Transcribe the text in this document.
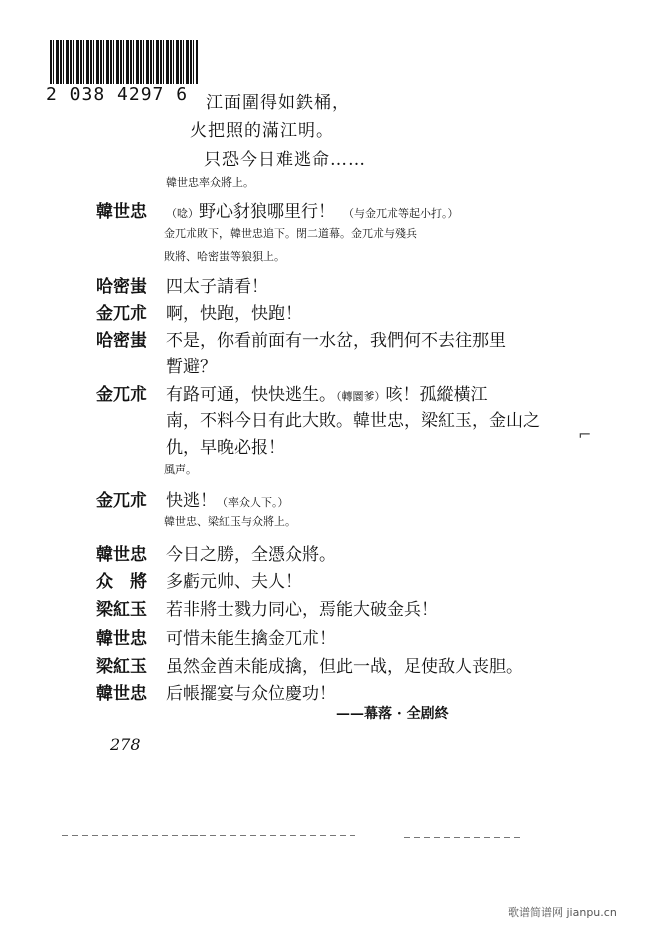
2 038 4297 6 江面圍得如鉄桶，
火把照的滿江明。
只恐今日难逃命……
韓世忠率众將上。
韓世忠 （唸）野心豺狼哪里行！ （与金兀朮等起小打。）
金兀朮敗下，韓世忠追下。閉二道幕。金兀朮与殘兵
敗將、哈密蚩等狼狽上。
哈密蚩 四太子請看！
金兀朮 啊，快跑，快跑！
哈密蚩 不是，你看前面有一水岔，我們何不去往那里
暫避？
金兀朮 有路可通，快快逃生。（轉圜爹）咳！孤縱橫江
南，不料今日有此大敗。韓世忠，梁紅玉，金山之
仇，早晚必报！
風声。
金兀朮 快逃！（率众人下。）
韓世忠、梁紅玉与众將上。
韓世忠 今日之勝，全憑众將。
众　將 多虧元帅、夫人！
梁紅玉 若非將士戮力同心，焉能大破金兵！
韓世忠 可惜未能生擒金兀朮！
梁紅玉 虽然金酋未能成擒，但此一战，足使敌人丧胆。
韓世忠 后帳擺宴与众位慶功！
——幕落 · 全剧終
278
⌐
歌谱简谱网 jianpu.cn
